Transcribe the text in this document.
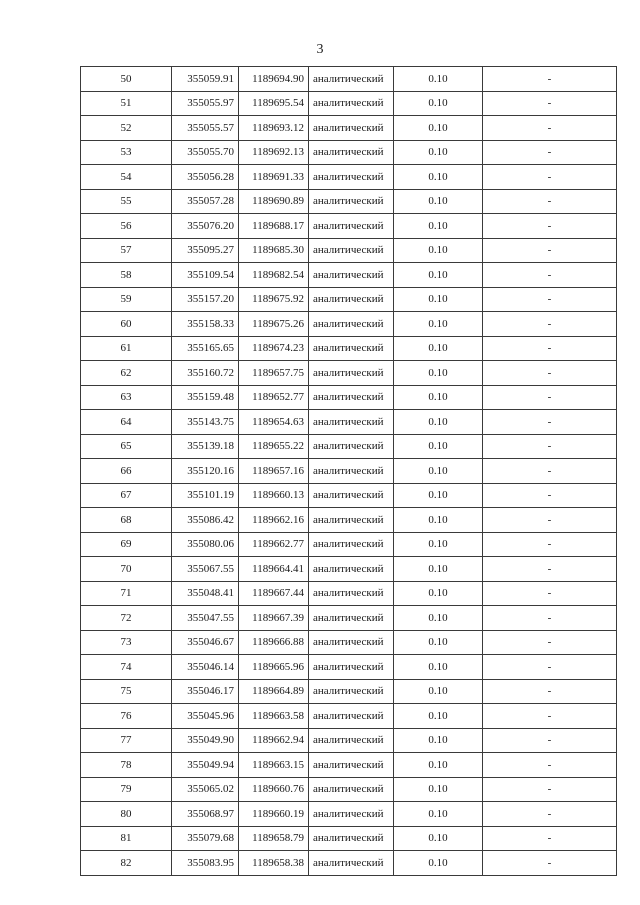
3
50	355059.91	1189694.90	аналитический	0.10	-
51	355055.97	1189695.54	аналитический	0.10	-
52	355055.57	1189693.12	аналитический	0.10	-
53	355055.70	1189692.13	аналитический	0.10	-
54	355056.28	1189691.33	аналитический	0.10	-
55	355057.28	1189690.89	аналитический	0.10	-
56	355076.20	1189688.17	аналитический	0.10	-
57	355095.27	1189685.30	аналитический	0.10	-
58	355109.54	1189682.54	аналитический	0.10	-
59	355157.20	1189675.92	аналитический	0.10	-
60	355158.33	1189675.26	аналитический	0.10	-
61	355165.65	1189674.23	аналитический	0.10	-
62	355160.72	1189657.75	аналитический	0.10	-
63	355159.48	1189652.77	аналитический	0.10	-
64	355143.75	1189654.63	аналитический	0.10	-
65	355139.18	1189655.22	аналитический	0.10	-
66	355120.16	1189657.16	аналитический	0.10	-
67	355101.19	1189660.13	аналитический	0.10	-
68	355086.42	1189662.16	аналитический	0.10	-
69	355080.06	1189662.77	аналитический	0.10	-
70	355067.55	1189664.41	аналитический	0.10	-
71	355048.41	1189667.44	аналитический	0.10	-
72	355047.55	1189667.39	аналитический	0.10	-
73	355046.67	1189666.88	аналитический	0.10	-
74	355046.14	1189665.96	аналитический	0.10	-
75	355046.17	1189664.89	аналитический	0.10	-
76	355045.96	1189663.58	аналитический	0.10	-
77	355049.90	1189662.94	аналитический	0.10	-
78	355049.94	1189663.15	аналитический	0.10	-
79	355065.02	1189660.76	аналитический	0.10	-
80	355068.97	1189660.19	аналитический	0.10	-
81	355079.68	1189658.79	аналитический	0.10	-
82	355083.95	1189658.38	аналитический	0.10	-
